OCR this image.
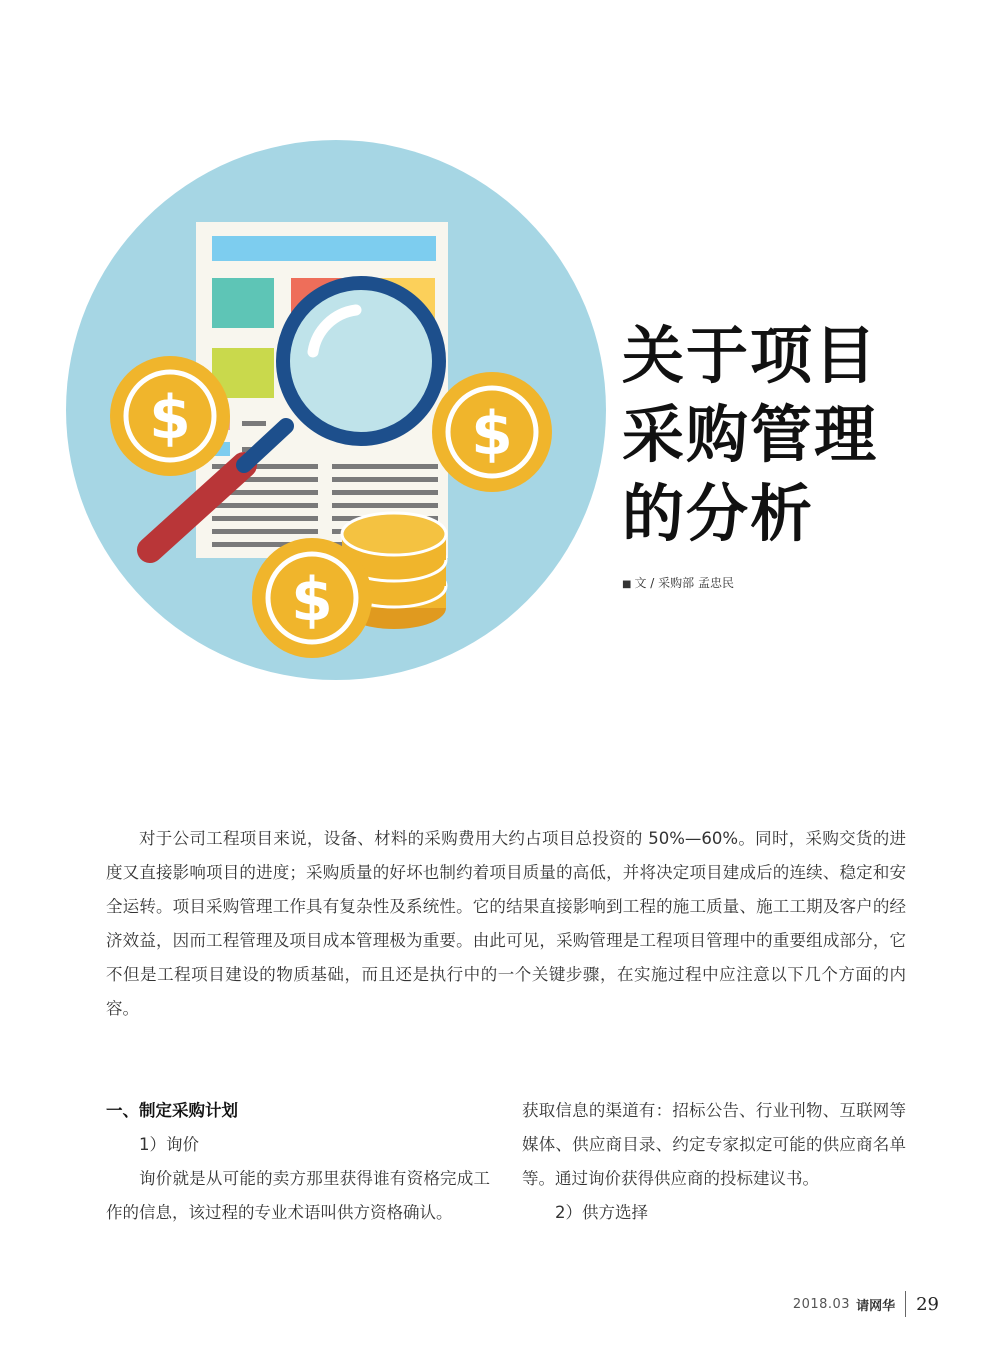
$	$
$
关于项目
采购管理
的分析
■ 文 / 采购部 孟忠民

对于公司工程项目来说，设备、材料的采购费用大约占项目总投资的 50%—60%。同时，采购交货的进度又直接影响项目的进度；采购质量的好坏也制约着项目质量的高低，并将决定项目建成后的连续、稳定和安全运转。项目采购管理工作具有复杂性及系统性。它的结果直接影响到工程的施工质量、施工工期及客户的经济效益，因而工程管理及项目成本管理极为重要。由此可见，采购管理是工程项目管理中的重要组成部分，它不但是工程项目建设的物质基础，而且还是执行中的一个关键步骤，在实施过程中应注意以下几个方面的内容。

一、制定采购计划

1）询价

询价就是从可能的卖方那里获得谁有资格完成工作的信息，该过程的专业术语叫供方资格确认。

获取信息的渠道有：招标公告、行业刊物、互联网等媒体、供应商目录、约定专家拟定可能的供应商名单等。通过询价获得供应商的投标建议书。

2）供方选择

2018.03 请网华 29
